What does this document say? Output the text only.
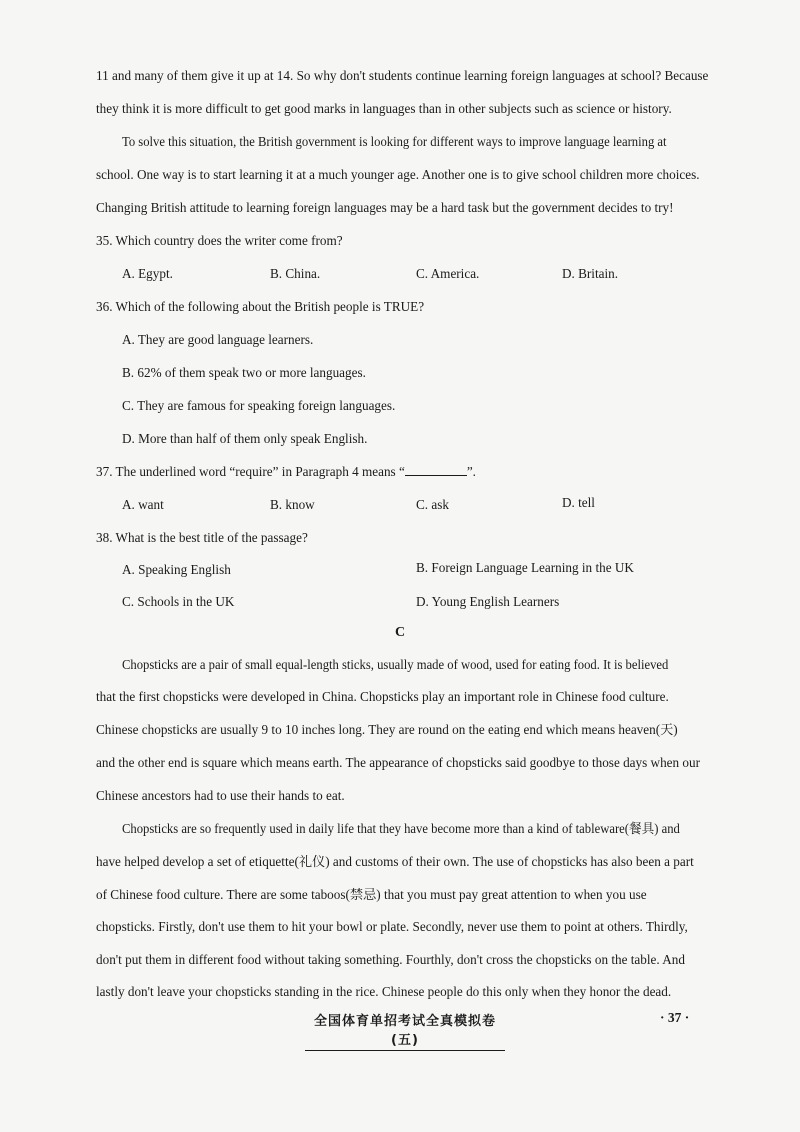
11 and many of them give it up at 14. So why don't students continue learning foreign languages at school? Because
they think it is more difficult to get good marks in languages than in other subjects such as science or history.
To solve this situation, the British government is looking for different ways to improve language learning at
school. One way is to start learning it at a much younger age. Another one is to give school children more choices.
Changing British attitude to learning foreign languages may be a hard task but the government decides to try!
35. Which country does the writer come from?
A. Egypt.	B. China.	C. America.	D. Britain.
36. Which of the following about the British people is TRUE?
A. They are good language learners.
B. 62% of them speak two or more languages.
C. They are famous for speaking foreign languages.
D. More than half of them only speak English.
37. The underlined word “require” in Paragraph 4 means “	”.
A. want	B. know	C. ask	D. tell
38. What is the best title of the passage?
A. Speaking English	B. Foreign Language Learning in the UK
C. Schools in the UK	D. Young English Learners
C
Chopsticks are a pair of small equal-length sticks, usually made of wood, used for eating food. It is believed
that the first chopsticks were developed in China. Chopsticks play an important role in Chinese food culture.
Chinese chopsticks are usually 9 to 10 inches long. They are round on the eating end which means heaven(天)
and the other end is square which means earth. The appearance of chopsticks said goodbye to those days when our
Chinese ancestors had to use their hands to eat.
Chopsticks are so frequently used in daily life that they have become more than a kind of tableware(餐具) and
have helped develop a set of etiquette(礼仪) and customs of their own. The use of chopsticks has also been a part
of Chinese food culture. There are some taboos(禁忌) that you must pay great attention to when you use
chopsticks. Firstly, don't use them to hit your bowl or plate. Secondly, never use them to point at others. Thirdly,
don't put them in different food without taking something. Fourthly, don't cross the chopsticks on the table. And
lastly don't leave your chopsticks standing in the rice. Chinese people do this only when they honor the dead.
全国体育单招考试全真模拟卷(五)
· 37 ·
